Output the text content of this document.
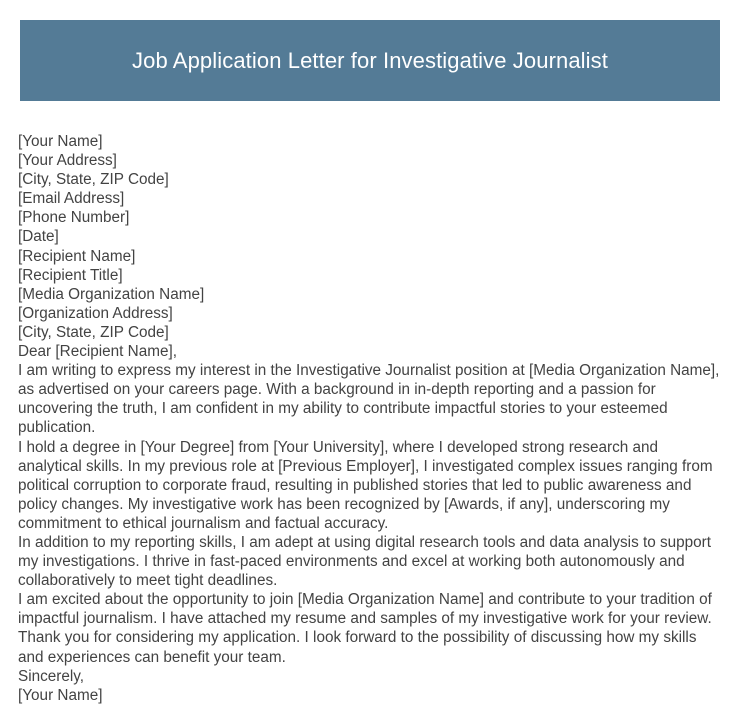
Job Application Letter for Investigative Journalist

[Your Name]

[Your Address]

[City, State, ZIP Code]

[Email Address]

[Phone Number]

[Date]

[Recipient Name]

[Recipient Title]

[Media Organization Name]

[Organization Address]

[City, State, ZIP Code]

Dear [Recipient Name],

I am writing to express my interest in the Investigative Journalist position at [Media Organization Name], as advertised on your careers page. With a background in in-depth reporting and a passion for uncovering the truth, I am confident in my ability to contribute impactful stories to your esteemed publication.

I hold a degree in [Your Degree] from [Your University], where I developed strong research and analytical skills. In my previous role at [Previous Employer], I investigated complex issues ranging from political corruption to corporate fraud, resulting in published stories that led to public awareness and policy changes. My investigative work has been recognized by [Awards, if any], underscoring my commitment to ethical journalism and factual accuracy.

In addition to my reporting skills, I am adept at using digital research tools and data analysis to support my investigations. I thrive in fast-paced environments and excel at working both autonomously and collaboratively to meet tight deadlines.

I am excited about the opportunity to join [Media Organization Name] and contribute to your tradition of impactful journalism. I have attached my resume and samples of my investigative work for your review. Thank you for considering my application. I look forward to the possibility of discussing how my skills and experiences can benefit your team.

Sincerely,

[Your Name]
